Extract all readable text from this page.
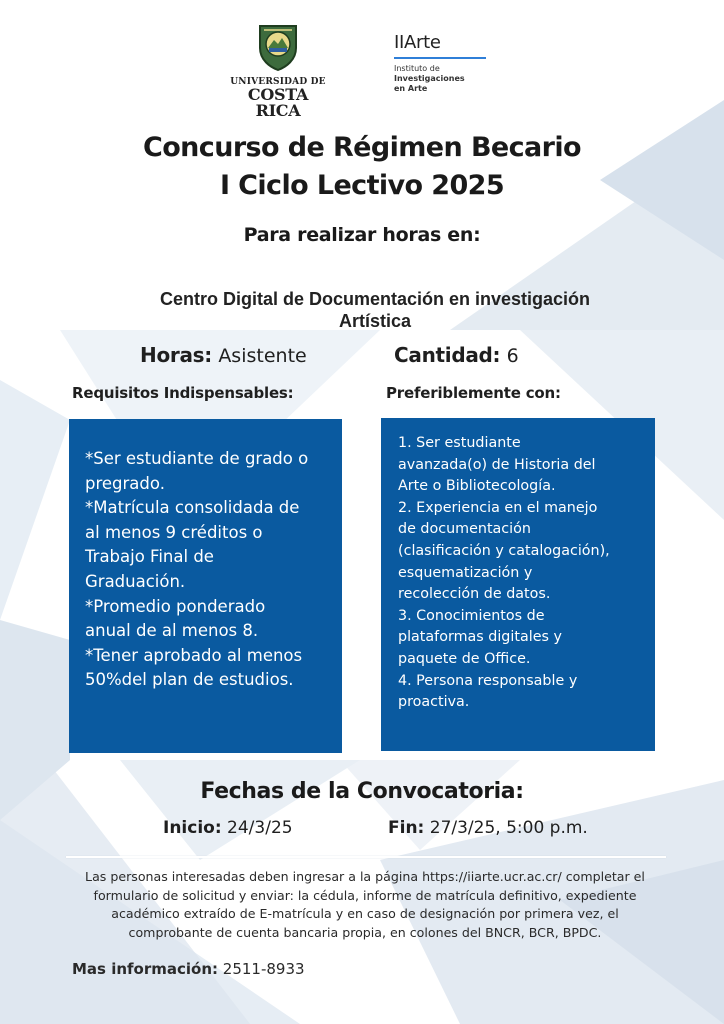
UNIVERSIDAD DE
COSTA RICA
IIArte
Instituto de
Investigaciones
en Arte
Concurso de Régimen Becario
I Ciclo Lectivo 2025
Para realizar horas en:
Centro Digital de Documentación en investigación
Artística
Horas: Asistente	Cantidad: 6
Requisitos Indispensables:	Preferiblemente con:
*Ser estudiante de grado o
pregrado.
*Matrícula consolidada de
al menos 9 créditos o
Trabajo Final de
Graduación.
*Promedio ponderado
anual de al menos 8.
*Tener aprobado al menos
50%del plan de estudios.
1. Ser estudiante
avanzada(o) de Historia del
Arte o Bibliotecología.
2. Experiencia en el manejo
de documentación
(clasificación y catalogación),
esquematización y
recolección de datos.
3. Conocimientos de
plataformas digitales y
paquete de Office.
4. Persona responsable y
proactiva.
Fechas de la Convocatoria:
Inicio: 24/3/25	Fin: 27/3/25, 5:00 p.m.
Las personas interesadas deben ingresar a la página https://iiarte.ucr.ac.cr/ completar el
formulario de solicitud y enviar: la cédula, informe de matrícula definitivo, expediente
académico extraído de E-matrícula y en caso de designación por primera vez, el
comprobante de cuenta bancaria propia, en colones del BNCR, BCR, BPDC.
Mas información: 2511-8933
